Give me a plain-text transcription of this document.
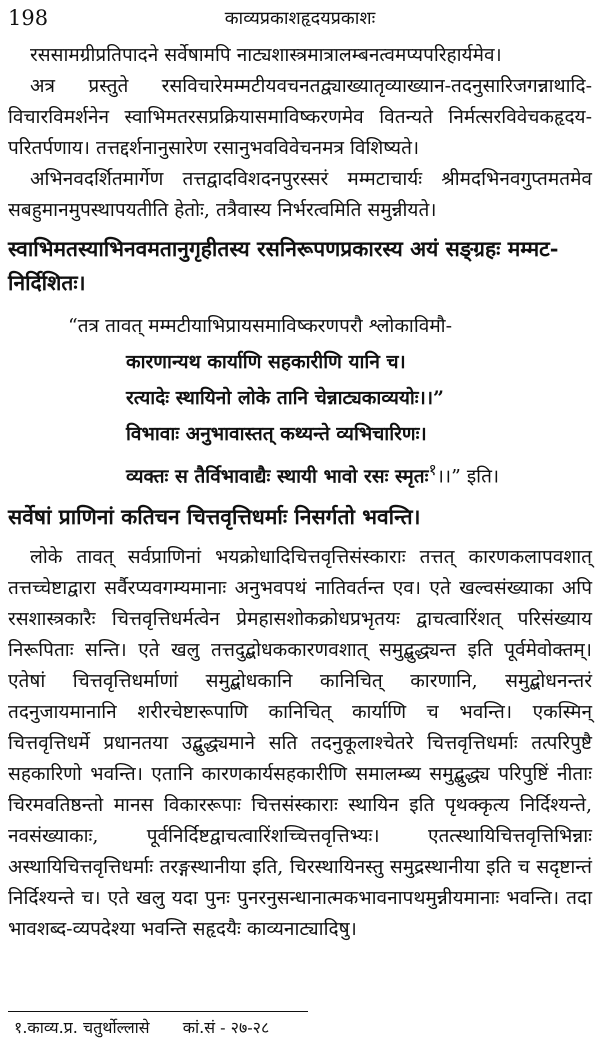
198	काव्यप्रकाशहृदयप्रकाशः

रससामग्रीप्रतिपादने सर्वेषामपि नाट्यशास्त्रमात्रालम्बनत्वमप्यपरिहार्यमेव।

अत्र प्रस्तुते रसविचारेमम्मटीयवचनतद्व्याख्यातृव्याख्यान-तदनुसारिजगन्नाथादि-विचारविमर्शनेन स्वाभिमतरसप्रक्रियासमाविष्करणमेव वितन्यते निर्मत्सरविवेचकहृदय-परितर्पणाय। तत्तद्दर्शनानुसारेण रसानुभवविवेचनमत्र विशिष्यते।

अभिनवदर्शितमार्गेण तत्तद्वादविशदनपुरस्सरं मम्मटाचार्यः श्रीमदभिनवगुप्तमतमेव सबहुमानमुपस्थापयतीति हेतोः, तत्रैवास्य निर्भरत्वमिति समुन्नीयते।

स्वाभिमतस्याभिनवमतानुगृहीतस्य रसनिरूपणप्रकारस्य अयं सङ्ग्रहः मम्मट-निर्दिशितः।

“तत्र तावत् मम्मटीयाभिप्रायसमाविष्करणपरौ श्लोकाविमौ-
कारणान्यथ कार्याणि सहकारीणि यानि च।
रत्यादेः स्थायिनो लोके तानि चेन्नाट्यकाव्ययोः।।”
विभावाः अनुभावास्तत् कथ्यन्ते व्यभिचारिणः।
व्यक्तः स तैर्विभावाद्यैः स्थायी भावो रसः स्मृतः$^१$।।” इति।

सर्वेषां प्राणिनां कतिचन चित्तवृत्तिधर्माः निसर्गतो भवन्ति।

लोके तावत् सर्वप्राणिनां भयक्रोधादिचित्तवृत्तिसंस्काराः तत्तत् कारणकलापवशात् तत्तच्चेष्टाद्वारा सर्वैरप्यवगम्यमानाः अनुभवपथं नातिवर्तन्त एव। एते खल्वसंख्याका अपि रसशास्त्रकारैः चित्तवृत्तिधर्मत्वेन प्रेमहासशोकक्रोधप्रभृतयः द्वाचत्वारिंशत् परिसंख्याय निरूपिताः सन्ति। एते खलु तत्तदुद्बोधककारणवशात् समुद्बुद्ध्यन्त इति पूर्वमेवोक्तम्। एतेषां चित्तवृत्तिधर्माणां समुद्बोधकानि कानिचित् कारणानि, समुद्बोधनन्तरं तदनुजायमानानि शरीरचेष्टारूपाणि कानिचित् कार्याणि च भवन्ति। एकस्मिन् चित्तवृत्तिधर्मे प्रधानतया उद्बुद्ध्यमाने सति तदनुकूलाश्चेतरे चित्तवृत्तिधर्माः तत्परिपुष्टै सहकारिणो भवन्ति। एतानि कारणकार्यसहकारीणि समालम्ब्य समुद्बुद्ध्य परिपुष्टिं नीताः चिरमवतिष्ठन्तो मानस विकाररूपाः चित्तसंस्काराः स्थायिन इति पृथक्कृत्य निर्दिश्यन्ते, नवसंख्याकाः, पूर्वनिर्दिष्टद्वाचत्वारिंशच्चित्तवृत्तिभ्यः। एतत्स्थायिचित्तवृत्तिभिन्नाः अस्थायिचित्तवृत्तिधर्माः तरङ्गस्थानीया इति, चिरस्थायिनस्तु समुद्रस्थानीया इति च सदृष्टान्तं निर्दिश्यन्ते च। एते खलु यदा पुनः पुनरनुसन्धानात्मकभावनापथमुन्नीयमानाः भवन्ति। तदा भावशब्द-व्यपदेश्या भवन्ति सहृदयैः काव्यनाट्यादिषु।

१.काव्य.प्र. चतुर्थोल्लासे कां.सं - २७-२८
